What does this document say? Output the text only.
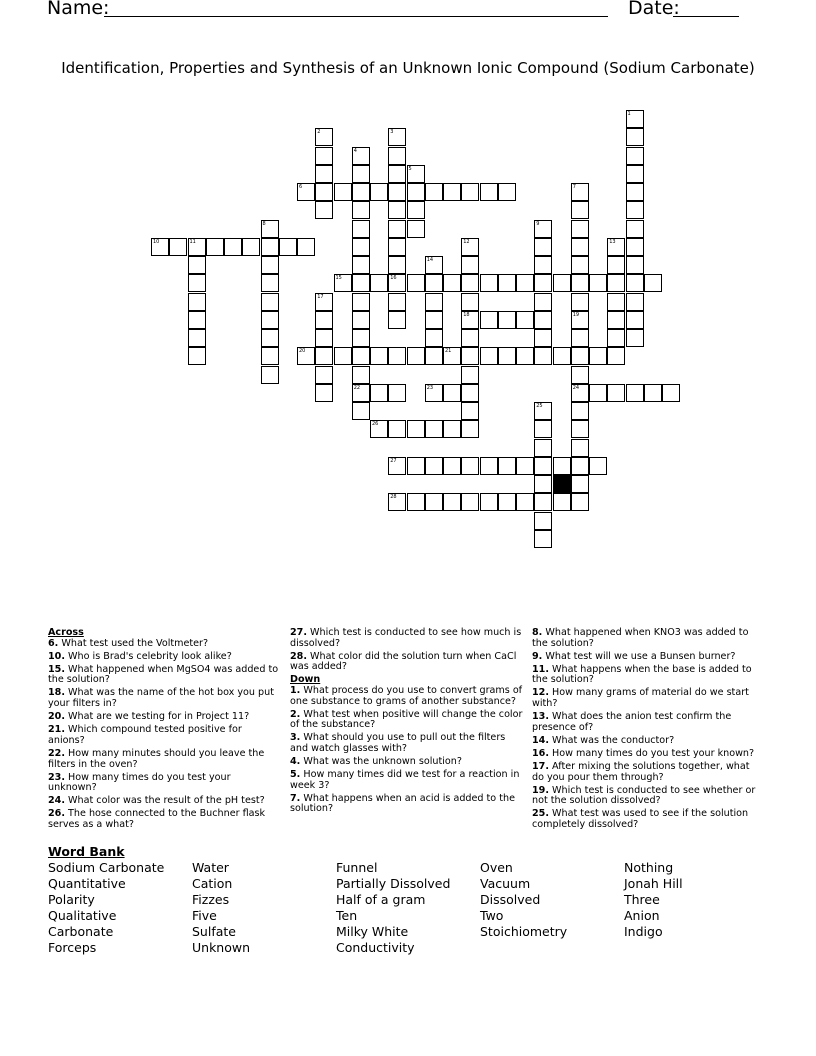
Name:	Date:
Identification, Properties and Synthesis of an Unknown Ionic Compound (Sodium Carbonate)
1
2	3
4
22
5
6	7
19
8	9
10	11	12
18
13
14
15	16
17
24
20	21
23
25
26
27
28
Across
6. What test used the Voltmeter?
10. Who is Brad's celebrity look alike?
15. What happened when MgSO4 was added to the solution?
18. What was the name of the hot box you put your filters in?
20. What are we testing for in Project 11?
21. Which compound tested positive for anions?
22. How many minutes should you leave the filters in the oven?
23. How many times do you test your unknown?
24. What color was the result of the pH test?
26. The hose connected to the Buchner flask serves as a what?
27. Which test is conducted to see how much is dissolved?
28. What color did the solution turn when CaCl was added?
Down
1. What process do you use to convert grams of one substance to grams of another substance?
2. What test when positive will change the color of the substance?
3. What should you use to pull out the filters and watch glasses with?
4. What was the unknown solution?
5. How many times did we test for a reaction in week 3?
7. What happens when an acid is added to the solution?
8. What happened when KNO3 was added to the solution?
9. What test will we use a Bunsen burner?
11. What happens when the base is added to the solution?
12. How many grams of material do we start with?
13. What does the anion test confirm the presence of?
14. What was the conductor?
16. How many times do you test your known?
17. After mixing the solutions together, what do you pour them through?
19. Which test is conducted to see whether or not the solution dissolved?
25. What test was used to see if the solution completely dissolved?
Word Bank
Sodium Carbonate
Quantitative
Polarity
Qualitative
Carbonate
Forceps
Water
Cation
Fizzes
Five
Sulfate
Unknown
Funnel
Partially Dissolved
Half of a gram
Ten
Milky White
Conductivity
Oven
Vacuum
Dissolved
Two
Stoichiometry
Nothing
Jonah Hill
Three
Anion
Indigo
